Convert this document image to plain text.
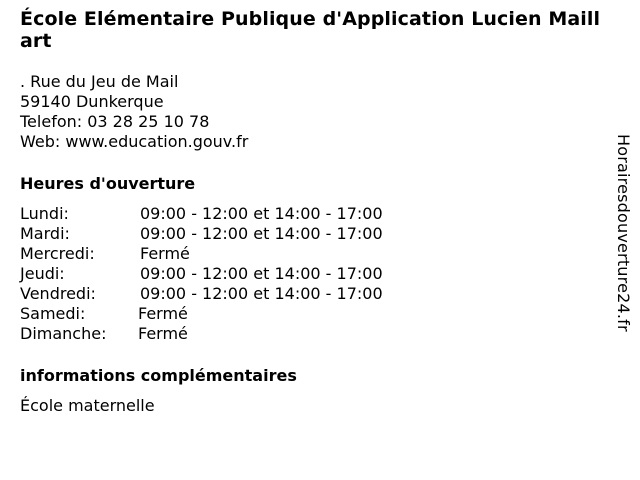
École Elémentaire Publique d'Application Lucien Maillart
. Rue du Jeu de Mail
59140 Dunkerque
Telefon: 03 28 25 10 78
Web: www.education.gouv.fr
Heures d'ouverture
Lundi:	09:00 - 12:00 et 14:00 - 17:00
Mardi:	09:00 - 12:00 et 14:00 - 17:00
Mercredi:	Fermé
Jeudi:	09:00 - 12:00 et 14:00 - 17:00
Vendredi:	09:00 - 12:00 et 14:00 - 17:00
Samedi:	Fermé
Dimanche:	Fermé
informations complémentaires
École maternelle
Horairesdouverture24.fr
